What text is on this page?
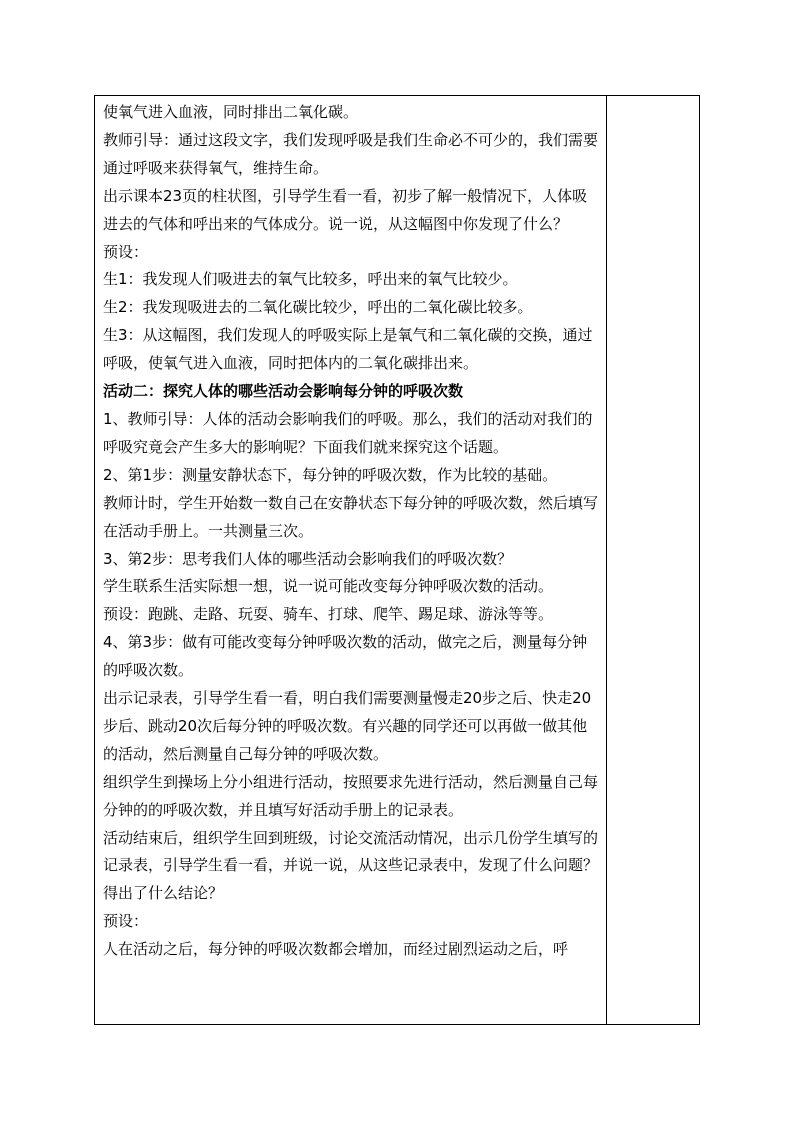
使氧气进入血液，同时排出二氧化碳。

教师引导：通过这段文字，我们发现呼吸是我们生命必不可少的，我们需要通过呼吸来获得氧气，维持生命。

出示课本23页的柱状图，引导学生看一看，初步了解一般情况下，人体吸进去的气体和呼出来的气体成分。说一说，从这幅图中你发现了什么？

预设：

生1：我发现人们吸进去的氧气比较多，呼出来的氧气比较少。

生2：我发现吸进去的二氧化碳比较少，呼出的二氧化碳比较多。

生3：从这幅图，我们发现人的呼吸实际上是氧气和二氧化碳的交换，通过呼吸，使氧气进入血液，同时把体内的二氧化碳排出来。

活动二：探究人体的哪些活动会影响每分钟的呼吸次数

1、教师引导：人体的活动会影响我们的呼吸。那么，我们的活动对我们的呼吸究竟会产生多大的影响呢？下面我们就来探究这个话题。

2、第1步：测量安静状态下，每分钟的呼吸次数，作为比较的基础。

教师计时，学生开始数一数自己在安静状态下每分钟的呼吸次数，然后填写在活动手册上。一共测量三次。

3、第2步：思考我们人体的哪些活动会影响我们的呼吸次数？

学生联系生活实际想一想，说一说可能改变每分钟呼吸次数的活动。

预设：跑跳、走路、玩耍、骑车、打球、爬竿、踢足球、游泳等等。

4、第3步：做有可能改变每分钟呼吸次数的活动，做完之后，测量每分钟的呼吸次数。

出示记录表，引导学生看一看，明白我们需要测量慢走20步之后、快走20步后、跳动20次后每分钟的呼吸次数。有兴趣的同学还可以再做一做其他的活动，然后测量自己每分钟的呼吸次数。

组织学生到操场上分小组进行活动，按照要求先进行活动，然后测量自己每分钟的的呼吸次数，并且填写好活动手册上的记录表。

活动结束后，组织学生回到班级，讨论交流活动情况，出示几份学生填写的记录表，引导学生看一看，并说一说，从这些记录表中，发现了什么问题？得出了什么结论？

预设：

人在活动之后，每分钟的呼吸次数都会增加，而经过剧烈运动之后，呼
